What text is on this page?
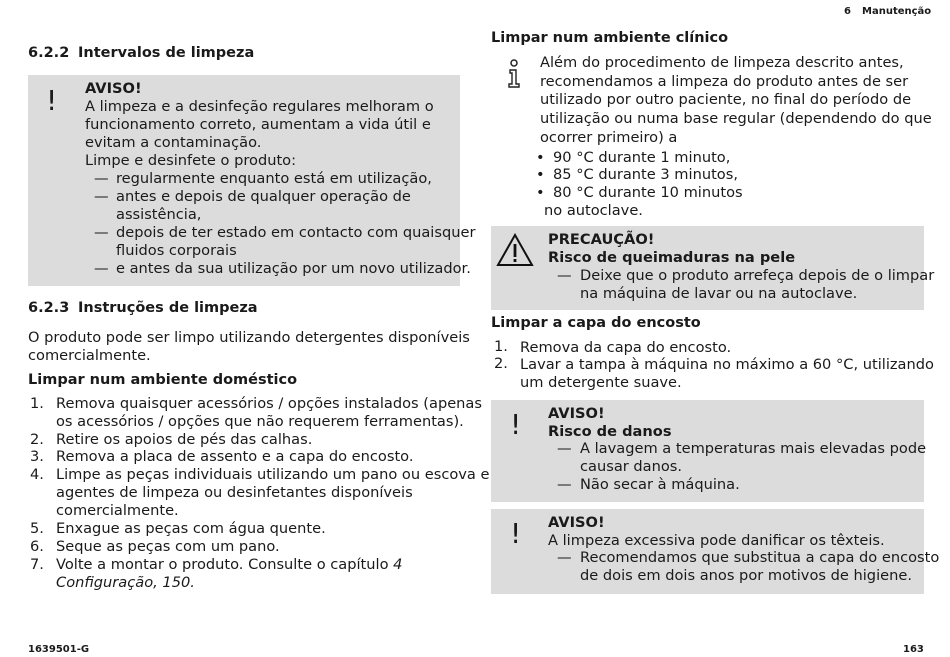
6 Manutenção
6.2.2 Intervalos de limpeza
! AVISO!
A limpeza e a desinfeção regulares melhoram o
funcionamento correto, aumentam a vida útil e
evitam a contaminação.
Limpe e desinfete o produto:
— regularmente enquanto está em utilização,
— antes e depois de qualquer operação de
assistência,
— depois de ter estado em contacto com quaisquer
fluidos corporais
— e antes da sua utilização por um novo utilizador.
6.2.3 Instruções de limpeza
O produto pode ser limpo utilizando detergentes disponíveis
comercialmente.
Limpar num ambiente doméstico
1. Remova quaisquer acessórios / opções instalados (apenas
os acessórios / opções que não requerem ferramentas).
2. Retire os apoios de pés das calhas.
3. Remova a placa de assento e a capa do encosto.
4. Limpe as peças individuais utilizando um pano ou escova e
agentes de limpeza ou desinfetantes disponíveis
comercialmente.
5. Enxague as peças com água quente.
6. Seque as peças com um pano.
7. Volte a montar o produto. Consulte o capítulo 4
Configuração, 150.
Limpar num ambiente clínico
Além do procedimento de limpeza descrito antes,
recomendamos a limpeza do produto antes de ser
utilizado por outro paciente, no final do período de
utilização ou numa base regular (dependendo do que
ocorrer primeiro) a
• 90 °C durante 1 minuto,
• 85 °C durante 3 minutos,
• 80 °C durante 10 minutos
no autoclave.
PRECAUÇÃO!
Risco de queimaduras na pele
— Deixe que o produto arrefeça depois de o limpar
na máquina de lavar ou na autoclave.
Limpar a capa do encosto
1. Remova da capa do encosto.
2. Lavar a tampa à máquina no máximo a 60 °C, utilizando
um detergente suave.
! AVISO!
Risco de danos
— A lavagem a temperaturas mais elevadas pode
causar danos.
— Não secar à máquina.
! AVISO!
A limpeza excessiva pode danificar os têxteis.
— Recomendamos que substitua a capa do encosto
de dois em dois anos por motivos de higiene.
1639501-G	163
